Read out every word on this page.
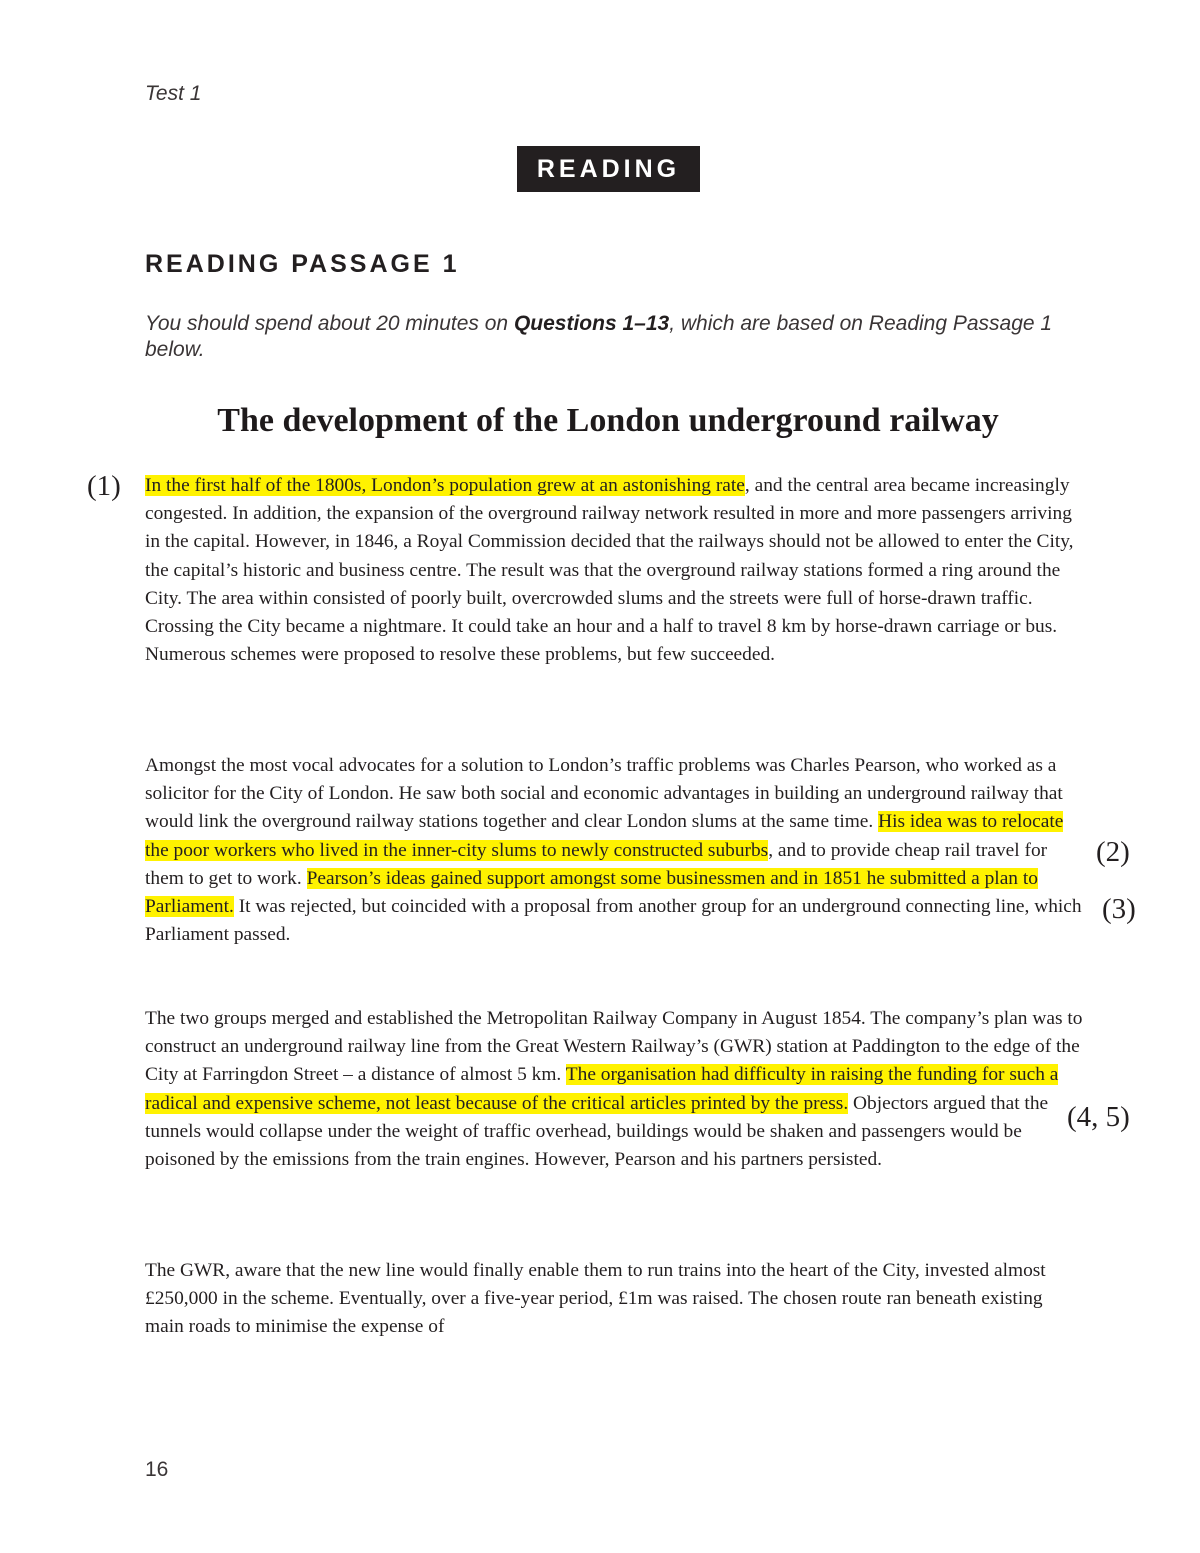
Test 1
READING
READING PASSAGE 1
You should spend about 20 minutes on Questions 1–13, which are based on Reading Passage 1 below.
The development of the London underground railway
(1) In the first half of the 1800s, London’s population grew at an astonishing rate, and the central area became increasingly congested. In addition, the expansion of the overground railway network resulted in more and more passengers arriving in the capital. However, in 1846, a Royal Commission decided that the railways should not be allowed to enter the City, the capital’s historic and business centre. The result was that the overground railway stations formed a ring around the City. The area within consisted of poorly built, overcrowded slums and the streets were full of horse-drawn traffic. Crossing the City became a nightmare. It could take an hour and a half to travel 8 km by horse-drawn carriage or bus. Numerous schemes were proposed to resolve these problems, but few succeeded.
Amongst the most vocal advocates for a solution to London’s traffic problems was Charles Pearson, who worked as a solicitor for the City of London. He saw both social and economic advantages in building an underground railway that would link the overground railway stations together and clear London slums at the same time. His idea was to relocate the poor workers who lived in the inner-city slums to newly constructed suburbs, and to provide cheap rail travel for them to get to work. Pearson’s ideas gained support amongst some businessmen and in 1851 he submitted a plan to Parliament. It was rejected, but coincided with a proposal from another group for an underground connecting line, which Parliament passed.
(2)
(3)
The two groups merged and established the Metropolitan Railway Company in August 1854. The company’s plan was to construct an underground railway line from the Great Western Railway’s (GWR) station at Paddington to the edge of the City at Farringdon Street – a distance of almost 5 km. The organisation had difficulty in raising the funding for such a radical and expensive scheme, not least because of the critical articles printed by the press. Objectors argued that the tunnels would collapse under the weight of traffic overhead, buildings would be shaken and passengers would be poisoned by the emissions from the train engines. However, Pearson and his partners persisted.
(4, 5)
The GWR, aware that the new line would finally enable them to run trains into the heart of the City, invested almost £250,000 in the scheme. Eventually, over a five-year period, £1m was raised. The chosen route ran beneath existing main roads to minimise the expense of
16
